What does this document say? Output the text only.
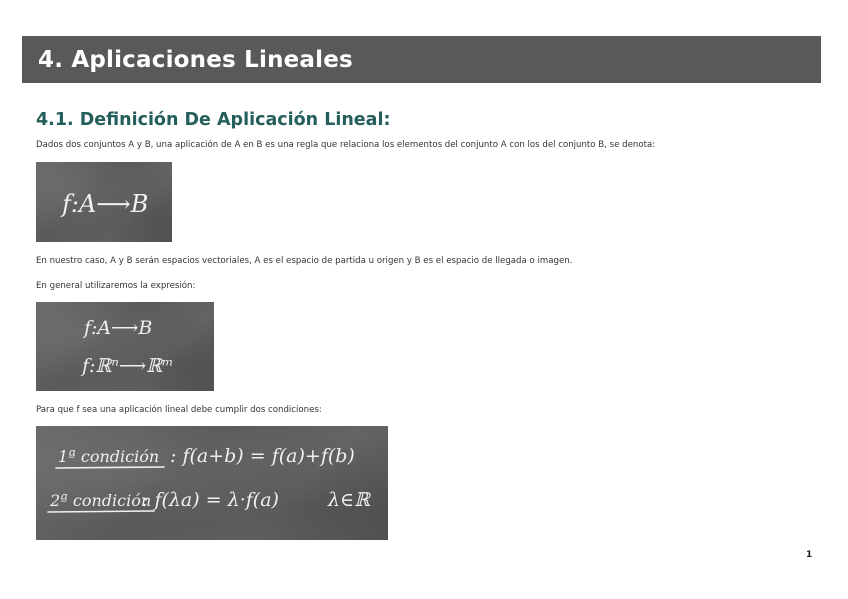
4. Aplicaciones Lineales
4.1. Definición De Aplicación Lineal:
Dados dos conjuntos A y B, una aplicación de A en B es una regla que relaciona los elementos del conjunto A con los del conjunto B, se denota:
f:A⟶B
En nuestro caso, A y B serán espacios vectoriales, A es el espacio de partida u origen y B es el espacio de llegada o imagen.
En general utilizaremos la expresión:
f:A⟶B
f:ℝⁿ⟶ℝᵐ
Para que f sea una aplicación lineal debe cumplir dos condiciones:
1ª condición : f(a+b) = f(a)+f(b)
2ª condición
: f(λa) = λ·f(a)	λ∈ℝ
1
